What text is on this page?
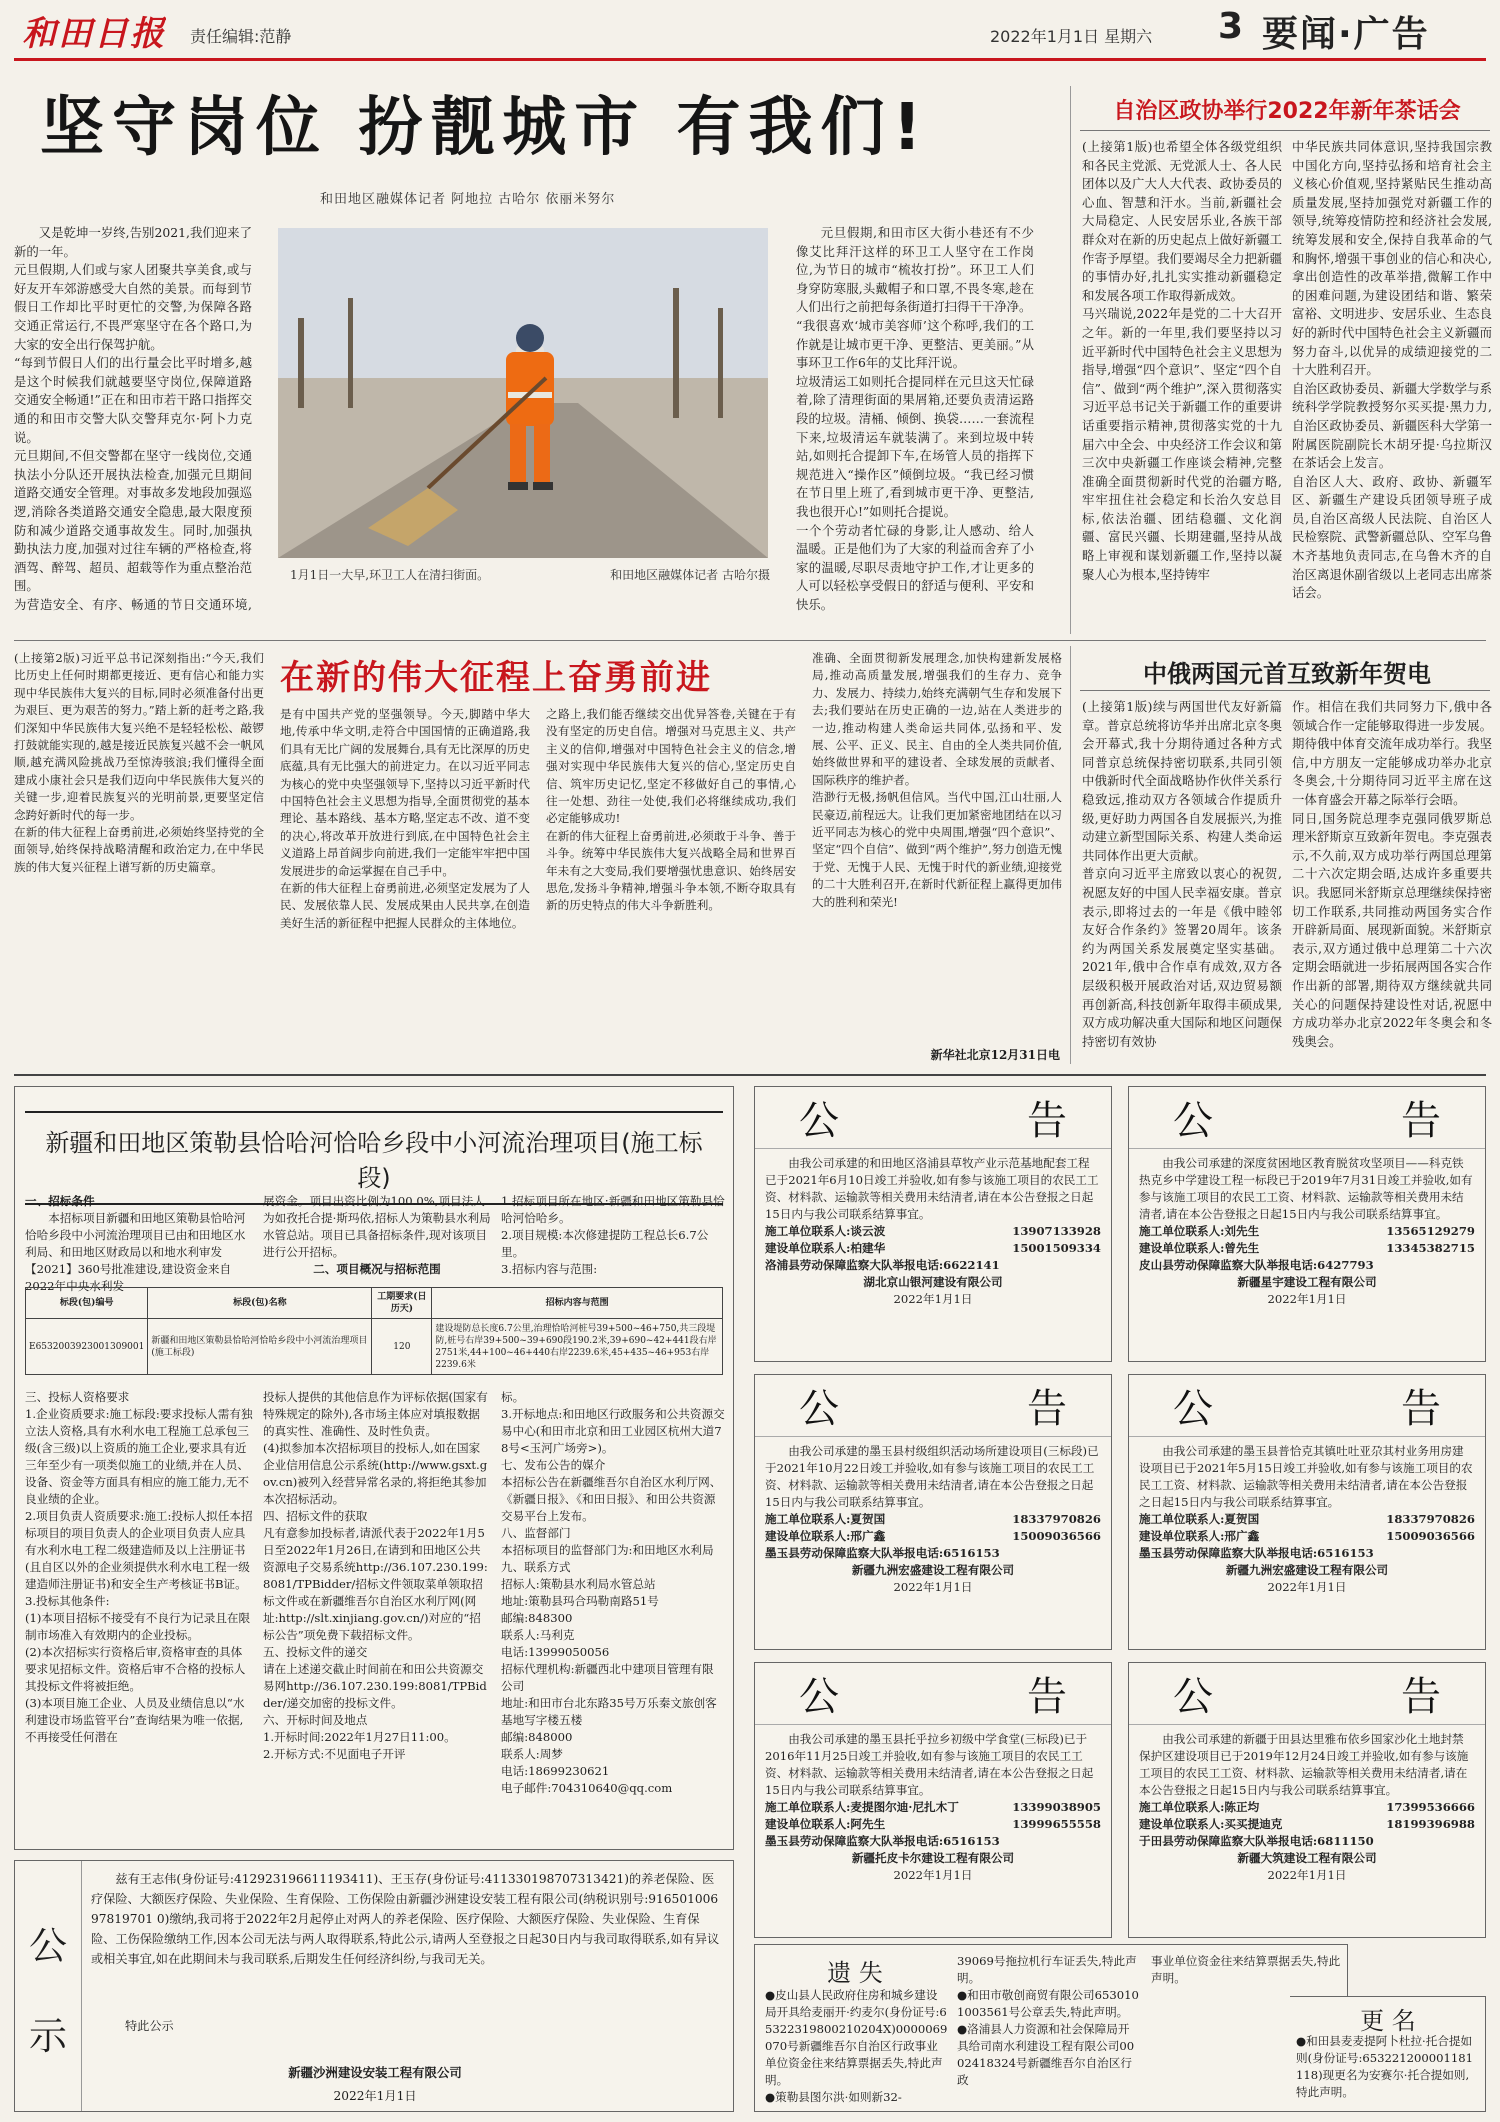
和田日报 责任编辑:范静	2022年1月1日 星期六 3 要闻·广告
坚守岗位 扮靓城市 有我们!
和田地区融媒体记者 阿地拉 古哈尔 依丽米努尔
又是乾坤一岁终,告别2021,我们迎来了新的一年。
元旦假期,人们或与家人团聚共享美食,或与好友开车郊游感受大自然的美景。而每到节假日工作却比平时更忙的交警,为保障各路交通正常运行,不畏严寒坚守在各个路口,为大家的安全出行保驾护航。
“每到节假日人们的出行量会比平时增多,越是这个时候我们就越要坚守岗位,保障道路交通安全畅通!”正在和田市若干路口指挥交通的和田市交警大队交警拜克尔·阿卜力克说。
元旦期间,不但交警都在坚守一线岗位,交通执法小分队还开展执法检查,加强元旦期间道路交通安全管理。对事故多发地段加强巡逻,消除各类道路交通安全隐患,最大限度预防和减少道路交通事故发生。同时,加强执勤执法力度,加强对过往车辆的严格检查,将酒驾、醉驾、超员、超载等作为重点整治范围。
为营造安全、有序、畅通的节日交通环境,

1月1日一大早,环卫工人在清扫街面。	和田地区融媒体记者 古哈尔摄
元旦假期,和田市区大街小巷还有不少像艾比拜汗这样的环卫工人坚守在工作岗位,为节日的城市“梳妆打扮”。环卫工人们身穿防寒服,头戴帽子和口罩,不畏冬寒,趁在人们出行之前把每条街道打扫得干干净净。
“我很喜欢‘城市美容师’这个称呼,我们的工作就是让城市更干净、更整洁、更美丽。”从事环卫工作6年的艾比拜汗说。
垃圾清运工如则托合提同样在元旦这天忙碌着,除了清理街面的果屑箱,还要负责清运路段的垃圾。清桶、倾倒、换袋……一套流程下来,垃圾清运车就装满了。来到垃圾中转站,如则托合提卸下车,在场管人员的指挥下规范进入“操作区”倾倒垃圾。“我已经习惯在节日里上班了,看到城市更干净、更整洁,我也很开心!”如则托合提说。
一个个劳动者忙碌的身影,让人感动、给人温暖。正是他们为了大家的利益而舍弃了小家的温暖,尽职尽责地守护工作,才让更多的人可以轻松享受假日的舒适与便利、平安和快乐。
自治区政协举行2022年新年茶话会
(上接第1版)也希望全体各级党组织和各民主党派、无党派人士、各人民团体以及广大人大代表、政协委员的心血、智慧和汗水。当前,新疆社会大局稳定、人民安居乐业,各族干部群众对在新的历史起点上做好新疆工作寄予厚望。我们要竭尽全力把新疆的事情办好,扎扎实实推动新疆稳定和发展各项工作取得新成效。
马兴瑞说,2022年是党的二十大召开之年。新的一年里,我们要坚持以习近平新时代中国特色社会主义思想为指导,增强“四个意识”、坚定“四个自信”、做到“两个维护”,深入贯彻落实习近平总书记关于新疆工作的重要讲话重要指示精神,贯彻落实党的十九届六中全会、中央经济工作会议和第三次中央新疆工作座谈会精神,完整准确全面贯彻新时代党的治疆方略,牢牢扭住社会稳定和长治久安总目标,依法治疆、团结稳疆、文化润疆、富民兴疆、长期建疆,坚持从战略上审视和谋划新疆工作,坚持以凝聚人心为根本,坚持铸牢
中华民族共同体意识,坚持我国宗教中国化方向,坚持弘扬和培育社会主义核心价值观,坚持紧贴民生推动高质量发展,坚持加强党对新疆工作的领导,统筹疫情防控和经济社会发展,统筹发展和安全,保持自我革命的气和胸怀,增强干事创业的信心和决心,拿出创造性的改革举措,微解工作中的困难问题,为建设团结和谐、繁荣富裕、文明进步、安居乐业、生态良好的新时代中国特色社会主义新疆而努力奋斗,以优异的成绩迎接党的二十大胜利召开。
自治区政协委员、新疆大学数学与系统科学学院教授努尔买买提·黑力力,自治区政协委员、新疆医科大学第一附属医院副院长木胡牙提·乌拉斯汉在茶话会上发言。
自治区人大、政府、政协、新疆军区、新疆生产建设兵团领导班子成员,自治区高级人民法院、自治区人民检察院、武警新疆总队、空军乌鲁木齐基地负责同志,在乌鲁木齐的自治区离退休副省级以上老同志出席茶话会。
在新的伟大征程上奋勇前进
(上接第2版)习近平总书记深刻指出:“今天,我们比历史上任何时期都更接近、更有信心和能力实现中华民族伟大复兴的目标,同时必须准备付出更为艰巨、更为艰苦的努力。”踏上新的赶考之路,我们深知中华民族伟大复兴绝不是轻轻松松、敲锣打鼓就能实现的,越是接近民族复兴越不会一帆风顺,越充满风险挑战乃至惊涛骇浪;我们懂得全面建成小康社会只是我们迈向中华民族伟大复兴的关键一步,迎着民族复兴的光明前景,更要坚定信念跨好新时代的每一步。
在新的伟大征程上奋勇前进,必须始终坚持党的全面领导,始终保持战略清醒和政治定力,在中华民族的伟大复兴征程上谱写新的历史篇章。
是有中国共产党的坚强领导。今天,脚踏中华大地,传承中华文明,走符合中国国情的正确道路,我们具有无比广阔的发展舞台,具有无比深厚的历史底蕴,具有无比强大的前进定力。在以习近平同志为核心的党中央坚强领导下,坚持以习近平新时代中国特色社会主义思想为指导,全面贯彻党的基本理论、基本路线、基本方略,坚定志不改、道不变的决心,将改革开放进行到底,在中国特色社会主义道路上昂首阔步向前进,我们一定能牢牢把中国发展进步的命运掌握在自己手中。
在新的伟大征程上奋勇前进,必须坚定发展为了人民、发展依靠人民、发展成果由人民共享,在创造美好生活的新征程中把握人民群众的主体地位。
之路上,我们能否继续交出优异答卷,关键在于有没有坚定的历史自信。增强对马克思主义、共产主义的信仰,增强对中国特色社会主义的信念,增强对实现中华民族伟大复兴的信心,坚定历史自信、筑牢历史记忆,坚定不移做好自己的事情,心往一处想、劲往一处使,我们必将继续成功,我们必定能够成功!
在新的伟大征程上奋勇前进,必须敢于斗争、善于斗争。统筹中华民族伟大复兴战略全局和世界百年未有之大变局,我们要增强忧患意识、始终居安思危,发扬斗争精神,增强斗争本领,不断夺取具有新的历史特点的伟大斗争新胜利。
准确、全面贯彻新发展理念,加快构建新发展格局,推动高质量发展,增强我们的生存力、竞争力、发展力、持续力,始终充满朝气生存和发展下去;我们要站在历史正确的一边,站在人类进步的一边,推动构建人类命运共同体,弘扬和平、发展、公平、正义、民主、自由的全人类共同价值,始终做世界和平的建设者、全球发展的贡献者、国际秩序的维护者。
浩渺行无极,扬帆但信风。当代中国,江山壮丽,人民豪迈,前程远大。让我们更加紧密地团结在以习近平同志为核心的党中央周围,增强“四个意识”、坚定“四个自信”、做到“两个维护”,努力创造无愧于党、无愧于人民、无愧于时代的新业绩,迎接党的二十大胜利召开,在新时代新征程上赢得更加伟大的胜利和荣光!
新华社北京12月31日电
中俄两国元首互致新年贺电
(上接第1版)续与两国世代友好新篇章。普京总统将访华并出席北京冬奥会开幕式,我十分期待通过各种方式同普京总统保持密切联系,共同引领中俄新时代全面战略协作伙伴关系行稳致远,推动双方各领域合作提质升级,更好助力两国各自发展振兴,为推动建立新型国际关系、构建人类命运共同体作出更大贡献。
普京向习近平主席致以衷心的祝贺,祝愿友好的中国人民幸福安康。普京表示,即将过去的一年是《俄中睦邻友好合作条约》签署20周年。该条约为两国关系发展奠定坚实基础。2021年,俄中合作卓有成效,双方各层级积极开展政治对话,双边贸易额再创新高,科技创新年取得丰硕成果,双方成功解决重大国际和地区问题保持密切有效协
作。相信在我们共同努力下,俄中各领域合作一定能够取得进一步发展。期待俄中体育交流年成功举行。我坚信,中方朋友一定能够成功举办北京冬奥会,十分期待同习近平主席在这一体育盛会开幕之际举行会晤。
同日,国务院总理李克强同俄罗斯总理米舒斯京互致新年贺电。李克强表示,不久前,双方成功举行两国总理第二十六次定期会晤,达成许多重要共识。我愿同米舒斯京总理继续保持密切工作联系,共同推动两国务实合作开辟新局面、展现新面貌。米舒斯京表示,双方通过俄中总理第二十六次定期会晤就进一步拓展两国各实合作作出新的部署,期待双方继续就共同关心的问题保持建设性对话,祝愿中方成功举办北京2022年冬奥会和冬残奥会。
新疆和田地区策勒县恰哈河恰哈乡段中小河流治理项目(施工标段)
一、招标条件
本招标项目新疆和田地区策勒县恰哈河恰哈乡段中小河流治理项目已由和田地区水利局、和田地区财政局以和地水利审发【2021】360号批准建设,建设资金来自2022年中央水利发
展资金。项目出资比例为100.0%,项目法人为如孜托合提·斯玛依,招标人为策勒县水利局水管总站。项目已具备招标条件,现对该项目进行公开招标。
二、项目概况与招标范围
1.招标项目所在地区:新疆和田地区策勒县恰哈河恰哈乡。
2.项目规模:本次修建提防工程总长6.7公里。
3.招标内容与范围:
标段(包)编号	标段(包)名称	工期要求(日历天)	招标内容与范围
E6532003923001309001	新疆和田地区策勒县恰哈河恰哈乡段中小河流治理项目(施工标段)	120	建设堤防总长度6.7公里,治理恰哈河桩号39+500~46+750,共三段堤防,桩号右岸39+500~39+690段190.2米,39+690~42+441段右岸2751米,44+100~46+440右岸2239.6米,45+435~46+953右岸2239.6米
三、投标人资格要求
1.企业资质要求:施工标段:要求投标人需有独立法人资格,具有水利水电工程施工总承包三级(含三级)以上资质的施工企业,要求具有近三年至少有一项类似施工的业绩,并在人员、设备、资金等方面具有相应的施工能力,无不良业绩的企业。
2.项目负责人资质要求:施工:投标人拟任本招标项目的项目负责人的企业项目负责人应具有水利水电工程二级建造师及以上注册证书(且自区以外的企业须提供水利水电工程一级建造师注册证书)和安全生产考核证书B证。
3.投标其他条件:
(1)本项目招标不接受有不良行为记录且在限制市场准入有效期内的企业投标。
(2)本次招标实行资格后审,资格审查的具体要求见招标文件。资格后审不合格的投标人其投标文件将被拒绝。
(3)本项目施工企业、人员及业绩信息以“水利建设市场监管平台”查询结果为唯一依据,不再接受任何潜在
投标人提供的其他信息作为评标依据(国家有特殊规定的除外),各市场主体应对填报数据的真实性、准确性、及时性负责。
(4)拟参加本次招标项目的投标人,如在国家企业信用信息公示系统(http://www.gsxt.gov.cn)被列入经营异常名录的,将拒绝其参加本次招标活动。
四、招标文件的获取
凡有意参加投标者,请派代表于2022年1月5日至2022年1月26日,在请到和田地区公共资源电子交易系统http://36.107.230.199:8081/TPBidder/招标文件领取菜单领取招标文件或在新疆维吾尔自治区水利厅网(网址:http://slt.xinjiang.gov.cn/)对应的“招标公告”项免费下载招标文件。
五、投标文件的递交
请在上述递交截止时间前在和田公共资源交易网http://36.107.230.199:8081/TPBidder/递交加密的投标文件。
六、开标时间及地点
1.开标时间:2022年1月27日11:00。
2.开标方式:不见面电子开评
标。
3.开标地点:和田地区行政服务和公共资源交易中心(和田市北京和田工业园区杭州大道78号<玉河广场旁>)。
七、发布公告的媒介
本招标公告在新疆维吾尔自治区水利厅网、《新疆日报》、《和田日报》、和田公共资源交易平台上发布。
八、监督部门
本招标项目的监督部门为:和田地区水利局
九、联系方式
招标人:策勒县水利局水管总站
地址:策勒县玛合玛勒南路51号
邮编:848300
联系人:马利克
电话:13999050056
招标代理机构:新疆西北中建项目管理有限公司
地址:和田市台北东路35号万乐秦文旅创客基地写字楼五楼
邮编:848000
联系人:周梦
电话:18699230621
电子邮件:704310640@qq.com
公	告

由我公司承建的和田地区洛浦县草牧产业示范基地配套工程已于2021年6月10日竣工并验收,如有参与该施工项目的农民工工资、材料款、运输款等相关费用未结清者,请在本公告登报之日起15日内与我公司联系结算事宜。

施工单位联系人:谈云波	13907133928
建设单位联系人:柏建华	15001509334
洛浦县劳动保障监察大队举报电话:6622141
湖北京山银河建设有限公司
2022年1月1日
公	告

由我公司承建的深度贫困地区教育脱贫攻坚项目——科克铁热克乡中学建设工程一标段已于2019年7月31日竣工并验收,如有参与该施工项目的农民工工资、材料款、运输款等相关费用未结清者,请在本公告登报之日起15日内与我公司联系结算事宜。

施工单位联系人:刘先生	13565129279
建设单位联系人:曾先生	13345382715
皮山县劳动保障监察大队举报电话:6427793
新疆星宇建设工程有限公司
2022年1月1日
公	告

由我公司承建的墨玉县村级组织活动场所建设项目(三标段)已于2021年10月22日竣工并验收,如有参与该施工项目的农民工工资、材料款、运输款等相关费用未结清者,请在本公告登报之日起15日内与我公司联系结算事宜。

施工单位联系人:夏贺国	18337970826
建设单位联系人:邢广鑫	15009036566
墨玉县劳动保障监察大队举报电话:6516153
新疆九洲宏盛建设工程有限公司
2022年1月1日
公	告

由我公司承建的墨玉县普恰克其镇吐吐亚尕其村业务用房建设项目已于2021年5月15日竣工并验收,如有参与该施工项目的农民工工资、材料款、运输款等相关费用未结清者,请在本公告登报之日起15日内与我公司联系结算事宜。

施工单位联系人:夏贺国	18337970826
建设单位联系人:邢广鑫	15009036566
墨玉县劳动保障监察大队举报电话:6516153
新疆九洲宏盛建设工程有限公司
2022年1月1日
公	告

由我公司承建的墨玉县托乎拉乡初级中学食堂(三标段)已于2016年11月25日竣工并验收,如有参与该施工项目的农民工工资、材料款、运输款等相关费用未结清者,请在本公告登报之日起15日内与我公司联系结算事宜。

施工单位联系人:麦提图尔迪·尼扎木丁	13399038905
建设单位联系人:阿先生	13999655558
墨玉县劳动保障监察大队举报电话:6516153
新疆托皮卡尔建设工程有限公司
2022年1月1日
公	告

由我公司承建的新疆于田县达里雅布依乡国家沙化土地封禁保护区建设项目已于2019年12月24日竣工并验收,如有参与该施工项目的农民工工资、材料款、运输款等相关费用未结清者,请在本公告登报之日起15日内与我公司联系结算事宜。

施工单位联系人:陈正均	17399536666
建设单位联系人:买买提迪克	18199396988
于田县劳动保障监察大队举报电话:6811150
新疆大筑建设工程有限公司
2022年1月1日
公
示
兹有王志伟(身份证号:412923196611193411)、王玉存(身份证号:411330198707313421)的养老保险、医疗保险、大额医疗保险、失业保险、生育保险、工伤保险由新疆沙洲建设安装工程有限公司(纳税识别号:91650100697819701 0)缴纳,我司将于2022年2月起停止对两人的养老保险、医疗保险、大额医疗保险、失业保险、生育保险、工伤保险缴纳工作,因本公司无法与两人取得联系,特此公示,请两人至登报之日起30日内与我司取得联系,如有异议或相关事宜,如在此期间未与我司联系,后期发生任何经济纠纷,与我司无关。
特此公示
新疆沙洲建设安装工程有限公司
2022年1月1日
遗 失
●皮山县人民政府住房和城乡建设局开具给麦丽开·约麦尔(身份证号:65322319800210204X)0000069070号新疆维吾尔自治区行政事业单位资金往来结算票据丢失,特此声明。
●策勒县图尔洪·如则新32-
39069号拖拉机行车证丢失,特此声明。
●和田市敬创商贸有限公司6530101003561号公章丢失,特此声明。
●洛浦县人力资源和社会保障局开具给司南水利建设工程有限公司0002418324号新疆维吾尔自治区行政
事业单位资金往来结算票据丢失,特此声明。
更 名
●和田县麦麦提阿卜杜拉·托合提如则(身份证号:653221200001181118)现更名为安赛尔·托合提如则,特此声明。
